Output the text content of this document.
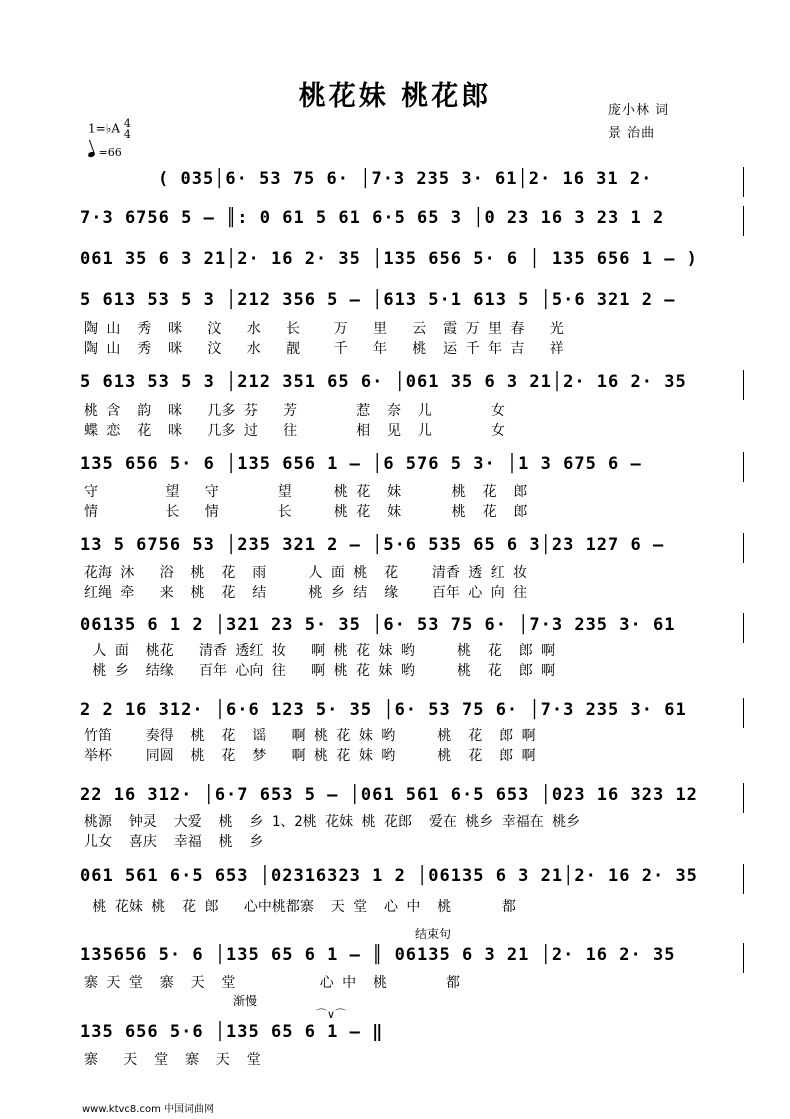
桃花妹 桃花郎	庞小林 词
景 治曲
1=♭A 4
4
=66
( 035│6· 53 75 6· │7·3 235 3· 61│2· 16 31 2·
7·3 6756 5 – ║: 0 61 5 61 6·5 65 3 │0 23 16 3 23 1 2
061 35 6 3 21│2· 16 2· 35 │135 656 5· 6 │ 135 656 1 – )
5 613 53 5 3 │212 356 5 – │613 5·1 613 5 │5·6 321 2 –
陶 山  秀  咪   汶   水   长    万   里   云  霞 万 里 春   光
陶 山  秀  咪   汶   水   靓    千   年   桃  运 千 年 吉   祥
5 613 53 5 3 │212 351 65 6· │061 35 6 3 21│2· 16 2· 35
桃 含  韵  咪   几多 芬   芳       惹  奈  儿       女
蝶 恋  花  咪   几多 过   往       相  见  儿       女
135 656 5· 6 │135 656 1 – │6 576 5 3· │1 3 675 6 –
守        望   守       望     桃 花  妹      桃  花  郎
情        长   情       长     桃 花  妹      桃  花  郎
13 5 6756 53 │235 321 2 – │5·6 535 65 6 3│23 127 6 –
花海 沐   浴  桃  花  雨     人 面 桃  花    清香 透 红 妆
红绳 牵   来  桃  花  结     桃 乡 结  缘    百年 心 向 往
06135 6 1 2 │321 23 5· 35 │6· 53 75 6· │7·3 235 3· 61
人 面  桃花   清香 透红 妆   啊 桃 花 妹 哟     桃  花  郎 啊
桃 乡  结缘   百年 心向 往   啊 桃 花 妹 哟     桃  花  郎 啊
2 2 16 312· │6·6 123 5· 35 │6· 53 75 6· │7·3 235 3· 61
竹笛    奏得  桃  花  谣   啊 桃 花 妹 哟     桃  花  郎 啊
举杯    同圆  桃  花  梦   啊 桃 花 妹 哟     桃  花  郎 啊
22 16 312· │6·7 653 5 – │061 561 6·5 653 │023 16 323 12
桃源  钟灵  大爱  桃  乡 1、2桃 花妹 桃 花郎  爱在 桃乡 幸福在 桃乡
儿女  喜庆  幸福  桃  乡
061 561 6·5 653 │02316323 1 2 │06135 6 3 21│2· 16 2· 35
桃 花妹 桃  花 郎   心中桃都寨  天 堂  心 中  桃      都
结束句
135656 5· 6 │135 65 6 1 – ║ 06135 6 3 21 │2· 16 2· 35
寨 天 堂  寨  天  堂          心 中  桃       都
渐慢
⌒∨⌒
135 656 5·6 │135 65 6 1 – ‖
寨   天  堂  寨  天  堂
www.ktvc8.com 中国词曲网
